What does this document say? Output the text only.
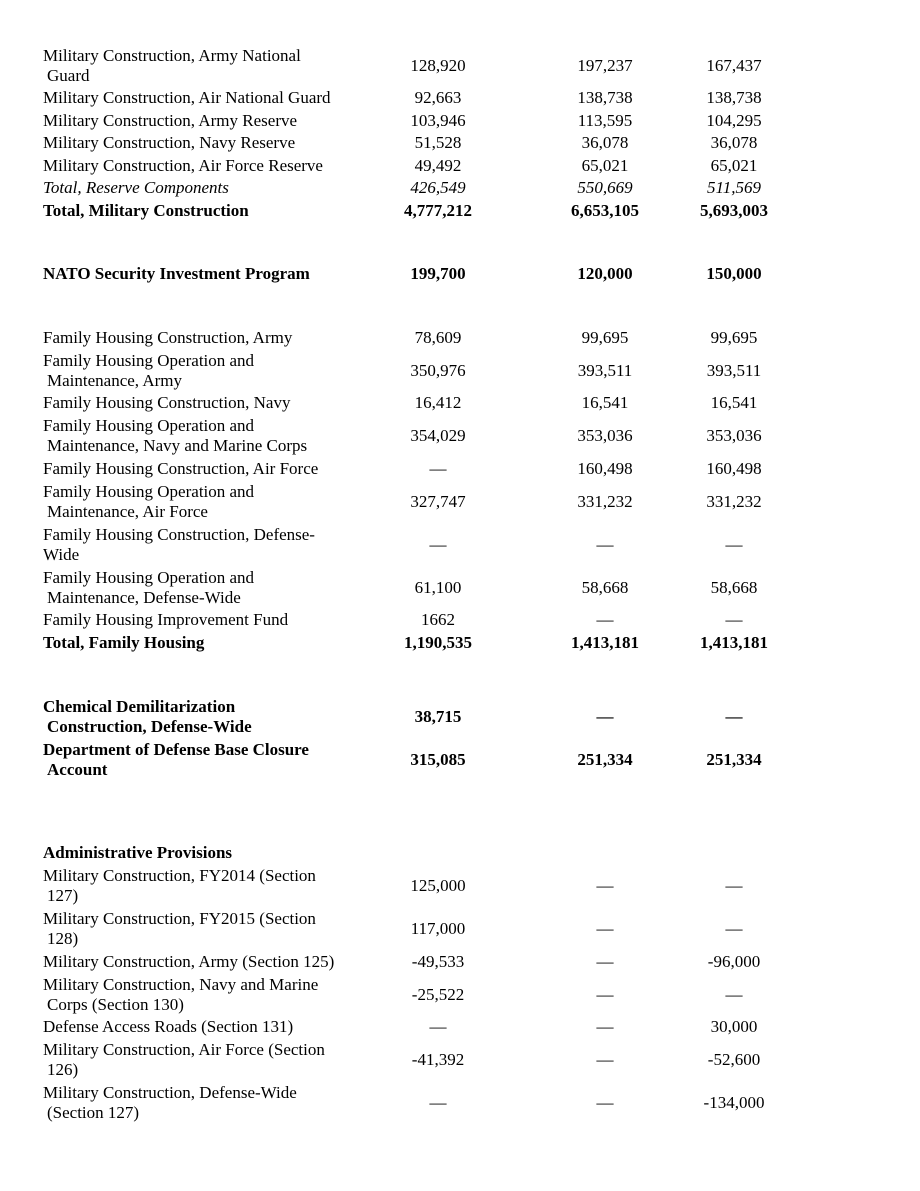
Military Construction, Army National
Guard
128,920	197,237	167,437
Military Construction, Air National Guard	92,663	138,738	138,738
Military Construction, Army Reserve	103,946	113,595	104,295
Military Construction, Navy Reserve	51,528	36,078	36,078
Military Construction, Air Force Reserve	49,492	65,021	65,021
Total, Reserve Components	426,549	550,669	511,569
Total, Military Construction	4,777,212	6,653,105	5,693,003
NATO Security Investment Program	199,700	120,000	150,000
Family Housing Construction, Army	78,609	99,695	99,695
Family Housing Operation and
Maintenance, Army
350,976	393,511	393,511
Family Housing Construction, Navy	16,412	16,541	16,541
Family Housing Operation and
Maintenance, Navy and Marine Corps
354,029	353,036	353,036
Family Housing Construction, Air Force	—	160,498	160,498
Family Housing Operation and
Maintenance, Air Force
327,747	331,232	331,232
Family Housing Construction, Defense-
Wide
—	—	—
Family Housing Operation and
Maintenance, Defense-Wide
61,100	58,668	58,668
Family Housing Improvement Fund	1662	—	—
Total, Family Housing	1,190,535	1,413,181	1,413,181
Chemical Demilitarization
Construction, Defense-Wide
38,715	—	—
Department of Defense Base Closure
Account
315,085	251,334	251,334
Administrative Provisions
Military Construction, FY2014 (Section
127)
125,000	—	—
Military Construction, FY2015 (Section
128)
117,000	—	—
Military Construction, Army (Section 125)	-49,533	—	-96,000
Military Construction, Navy and Marine
Corps (Section 130)
-25,522	—	—
Defense Access Roads (Section 131)	—	—	30,000
Military Construction, Air Force (Section
126)
-41,392	—	-52,600
Military Construction, Defense-Wide
(Section 127)
—	—	-134,000
